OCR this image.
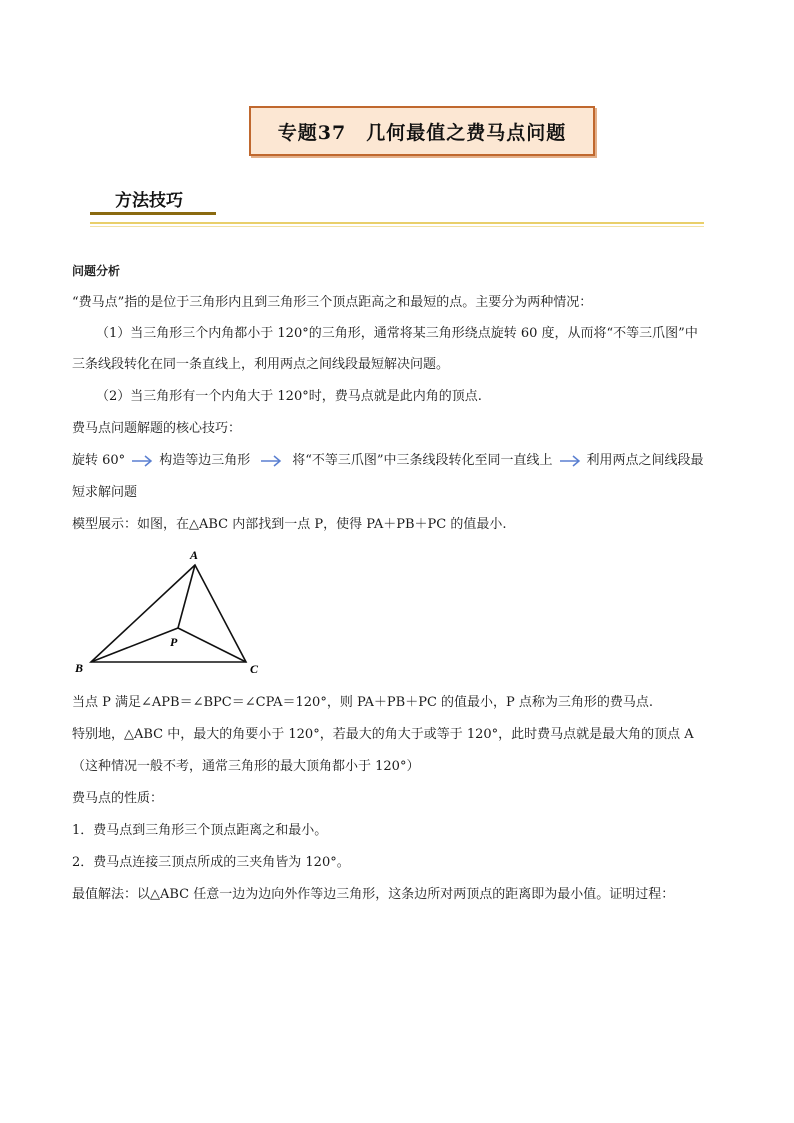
专题37　几何最值之费马点问题
方法技巧
问题分析
“费马点”指的是位于三角形内且到三角形三个顶点距高之和最短的点。主要分为两种情况：
（1）当三角形三个内角都小于 120°的三角形，通常将某三角形绕点旋转 60 度，从而将“不等三爪图”中
三条线段转化在同一条直线上，利用两点之间线段最短解决问题。
（2）当三角形有一个内角大于 120°时，费马点就是此内角的顶点.
费马点问题解题的核心技巧：
旋转 60°	构造等边三角形	将“不等三爪图”中三条线段转化至同一直线上	利用两点之间线段最
短求解问题
模型展示：如图，在△ABC 内部找到一点 P，使得 PA＋PB＋PC 的值最小.
A
B	C
P
当点 P 满足∠APB＝∠BPC＝∠CPA＝120°，则 PA＋PB＋PC 的值最小，P 点称为三角形的费马点.
特别地，△ABC 中，最大的角要小于 120°，若最大的角大于或等于 120°，此时费马点就是最大角的顶点 A
（这种情况一般不考，通常三角形的最大顶角都小于 120°）
费马点的性质：
1．费马点到三角形三个顶点距离之和最小。
2．费马点连接三顶点所成的三夹角皆为 120°。
最值解法：以△ABC 任意一边为边向外作等边三角形，这条边所对两顶点的距离即为最小值。证明过程：
